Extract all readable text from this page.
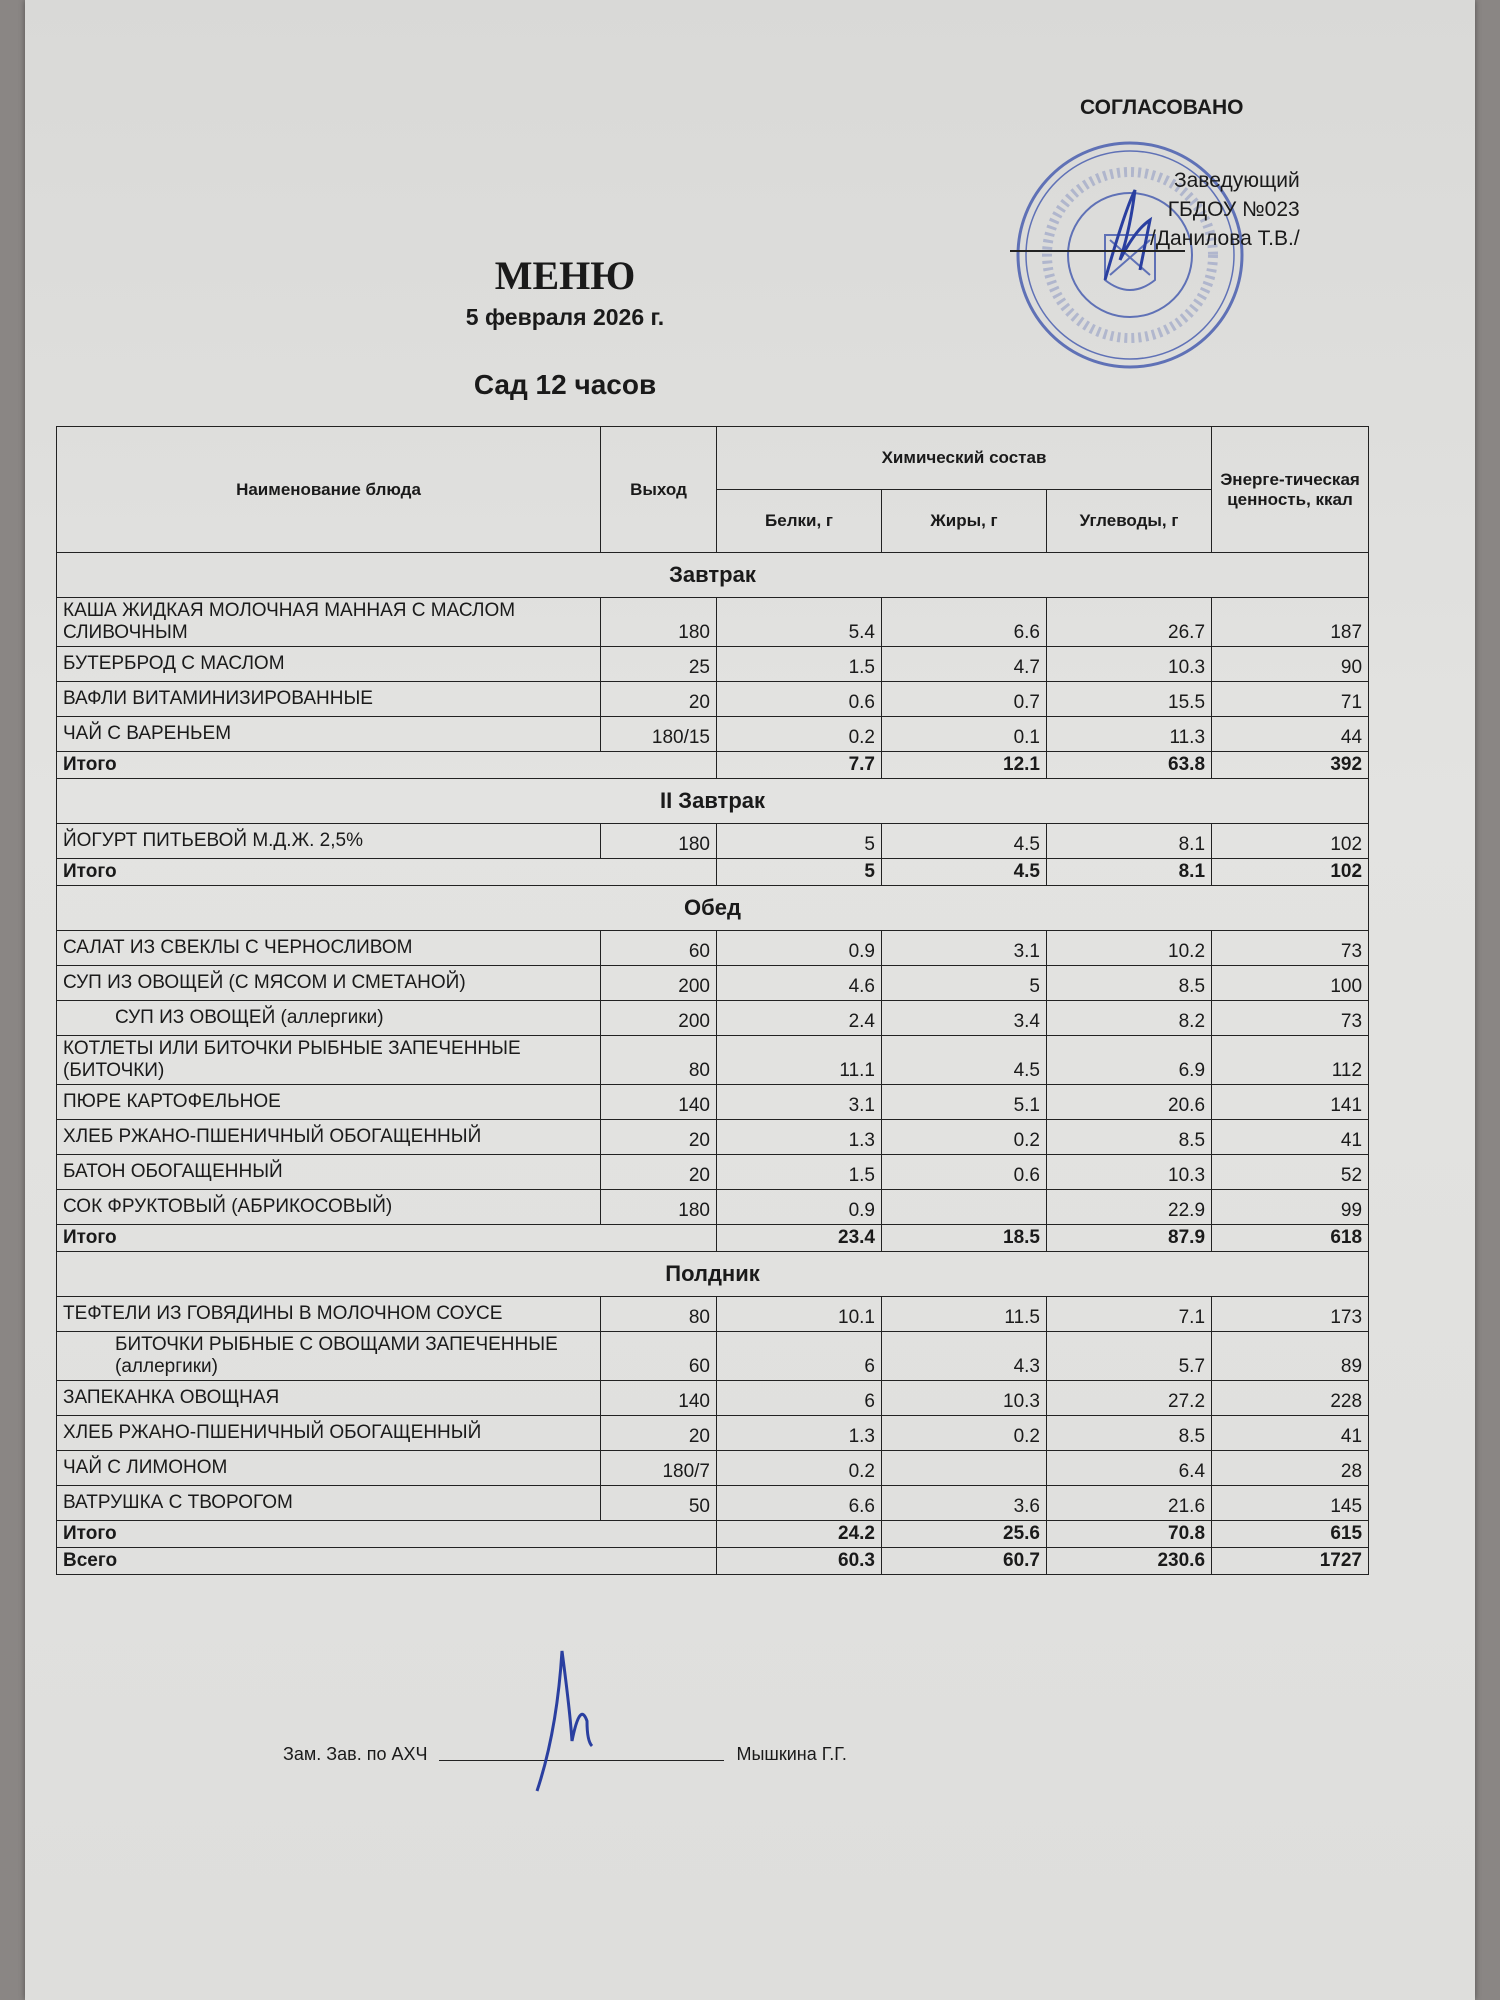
СОГЛАСОВАНО
Заведующий
ГБДОУ №023
/Данилова Т.В./
МЕНЮ
5 февраля 2026 г.
Сад 12 часов
Наименование блюда	Выход	Химический состав			Энерге-тическая ценность, ккал
		Белки, г	Жиры, г	Углеводы, г	
Завтрак					
КАША ЖИДКАЯ МОЛОЧНАЯ МАННАЯ С МАСЛОМ СЛИВОЧНЫМ	180	5.4	6.6	26.7	187
БУТЕРБРОД С МАСЛОМ	25	1.5	4.7	10.3	90
ВАФЛИ ВИТАМИНИЗИРОВАННЫЕ	20	0.6	0.7	15.5	71
ЧАЙ С ВАРЕНЬЕМ	180/15	0.2	0.1	11.3	44
Итого		7.7	12.1	63.8	392
II Завтрак					
ЙОГУРТ ПИТЬЕВОЙ М.Д.Ж. 2,5%	180	5	4.5	8.1	102
Итого		5	4.5	8.1	102
Обед					
САЛАТ ИЗ СВЕКЛЫ С ЧЕРНОСЛИВОМ	60	0.9	3.1	10.2	73
СУП ИЗ ОВОЩЕЙ (С МЯСОМ И СМЕТАНОЙ)	200	4.6	5	8.5	100
СУП ИЗ ОВОЩЕЙ (аллергики)	200	2.4	3.4	8.2	73
КОТЛЕТЫ ИЛИ БИТОЧКИ РЫБНЫЕ ЗАПЕЧЕННЫЕ (БИТОЧКИ)	80	11.1	4.5	6.9	112
ПЮРЕ КАРТОФЕЛЬНОЕ	140	3.1	5.1	20.6	141
ХЛЕБ РЖАНО-ПШЕНИЧНЫЙ ОБОГАЩЕННЫЙ	20	1.3	0.2	8.5	41
БАТОН ОБОГАЩЕННЫЙ	20	1.5	0.6	10.3	52
СОК ФРУКТОВЫЙ (АБРИКОСОВЫЙ)	180	0.9		22.9	99
Итого		23.4	18.5	87.9	618
Полдник					
ТЕФТЕЛИ ИЗ ГОВЯДИНЫ В МОЛОЧНОМ СОУСЕ	80	10.1	11.5	7.1	173
БИТОЧКИ РЫБНЫЕ С ОВОЩАМИ ЗАПЕЧЕННЫЕ (аллергики)	60	6	4.3	5.7	89
ЗАПЕКАНКА ОВОЩНАЯ	140	6	10.3	27.2	228
ХЛЕБ РЖАНО-ПШЕНИЧНЫЙ ОБОГАЩЕННЫЙ	20	1.3	0.2	8.5	41
ЧАЙ С ЛИМОНОМ	180/7	0.2		6.4	28
ВАТРУШКА С ТВОРОГОМ	50	6.6	3.6	21.6	145
Итого		24.2	25.6	70.8	615
Всего		60.3	60.7	230.6	1727
Зам. Зав. по АХЧ	Мышкина Г.Г.
